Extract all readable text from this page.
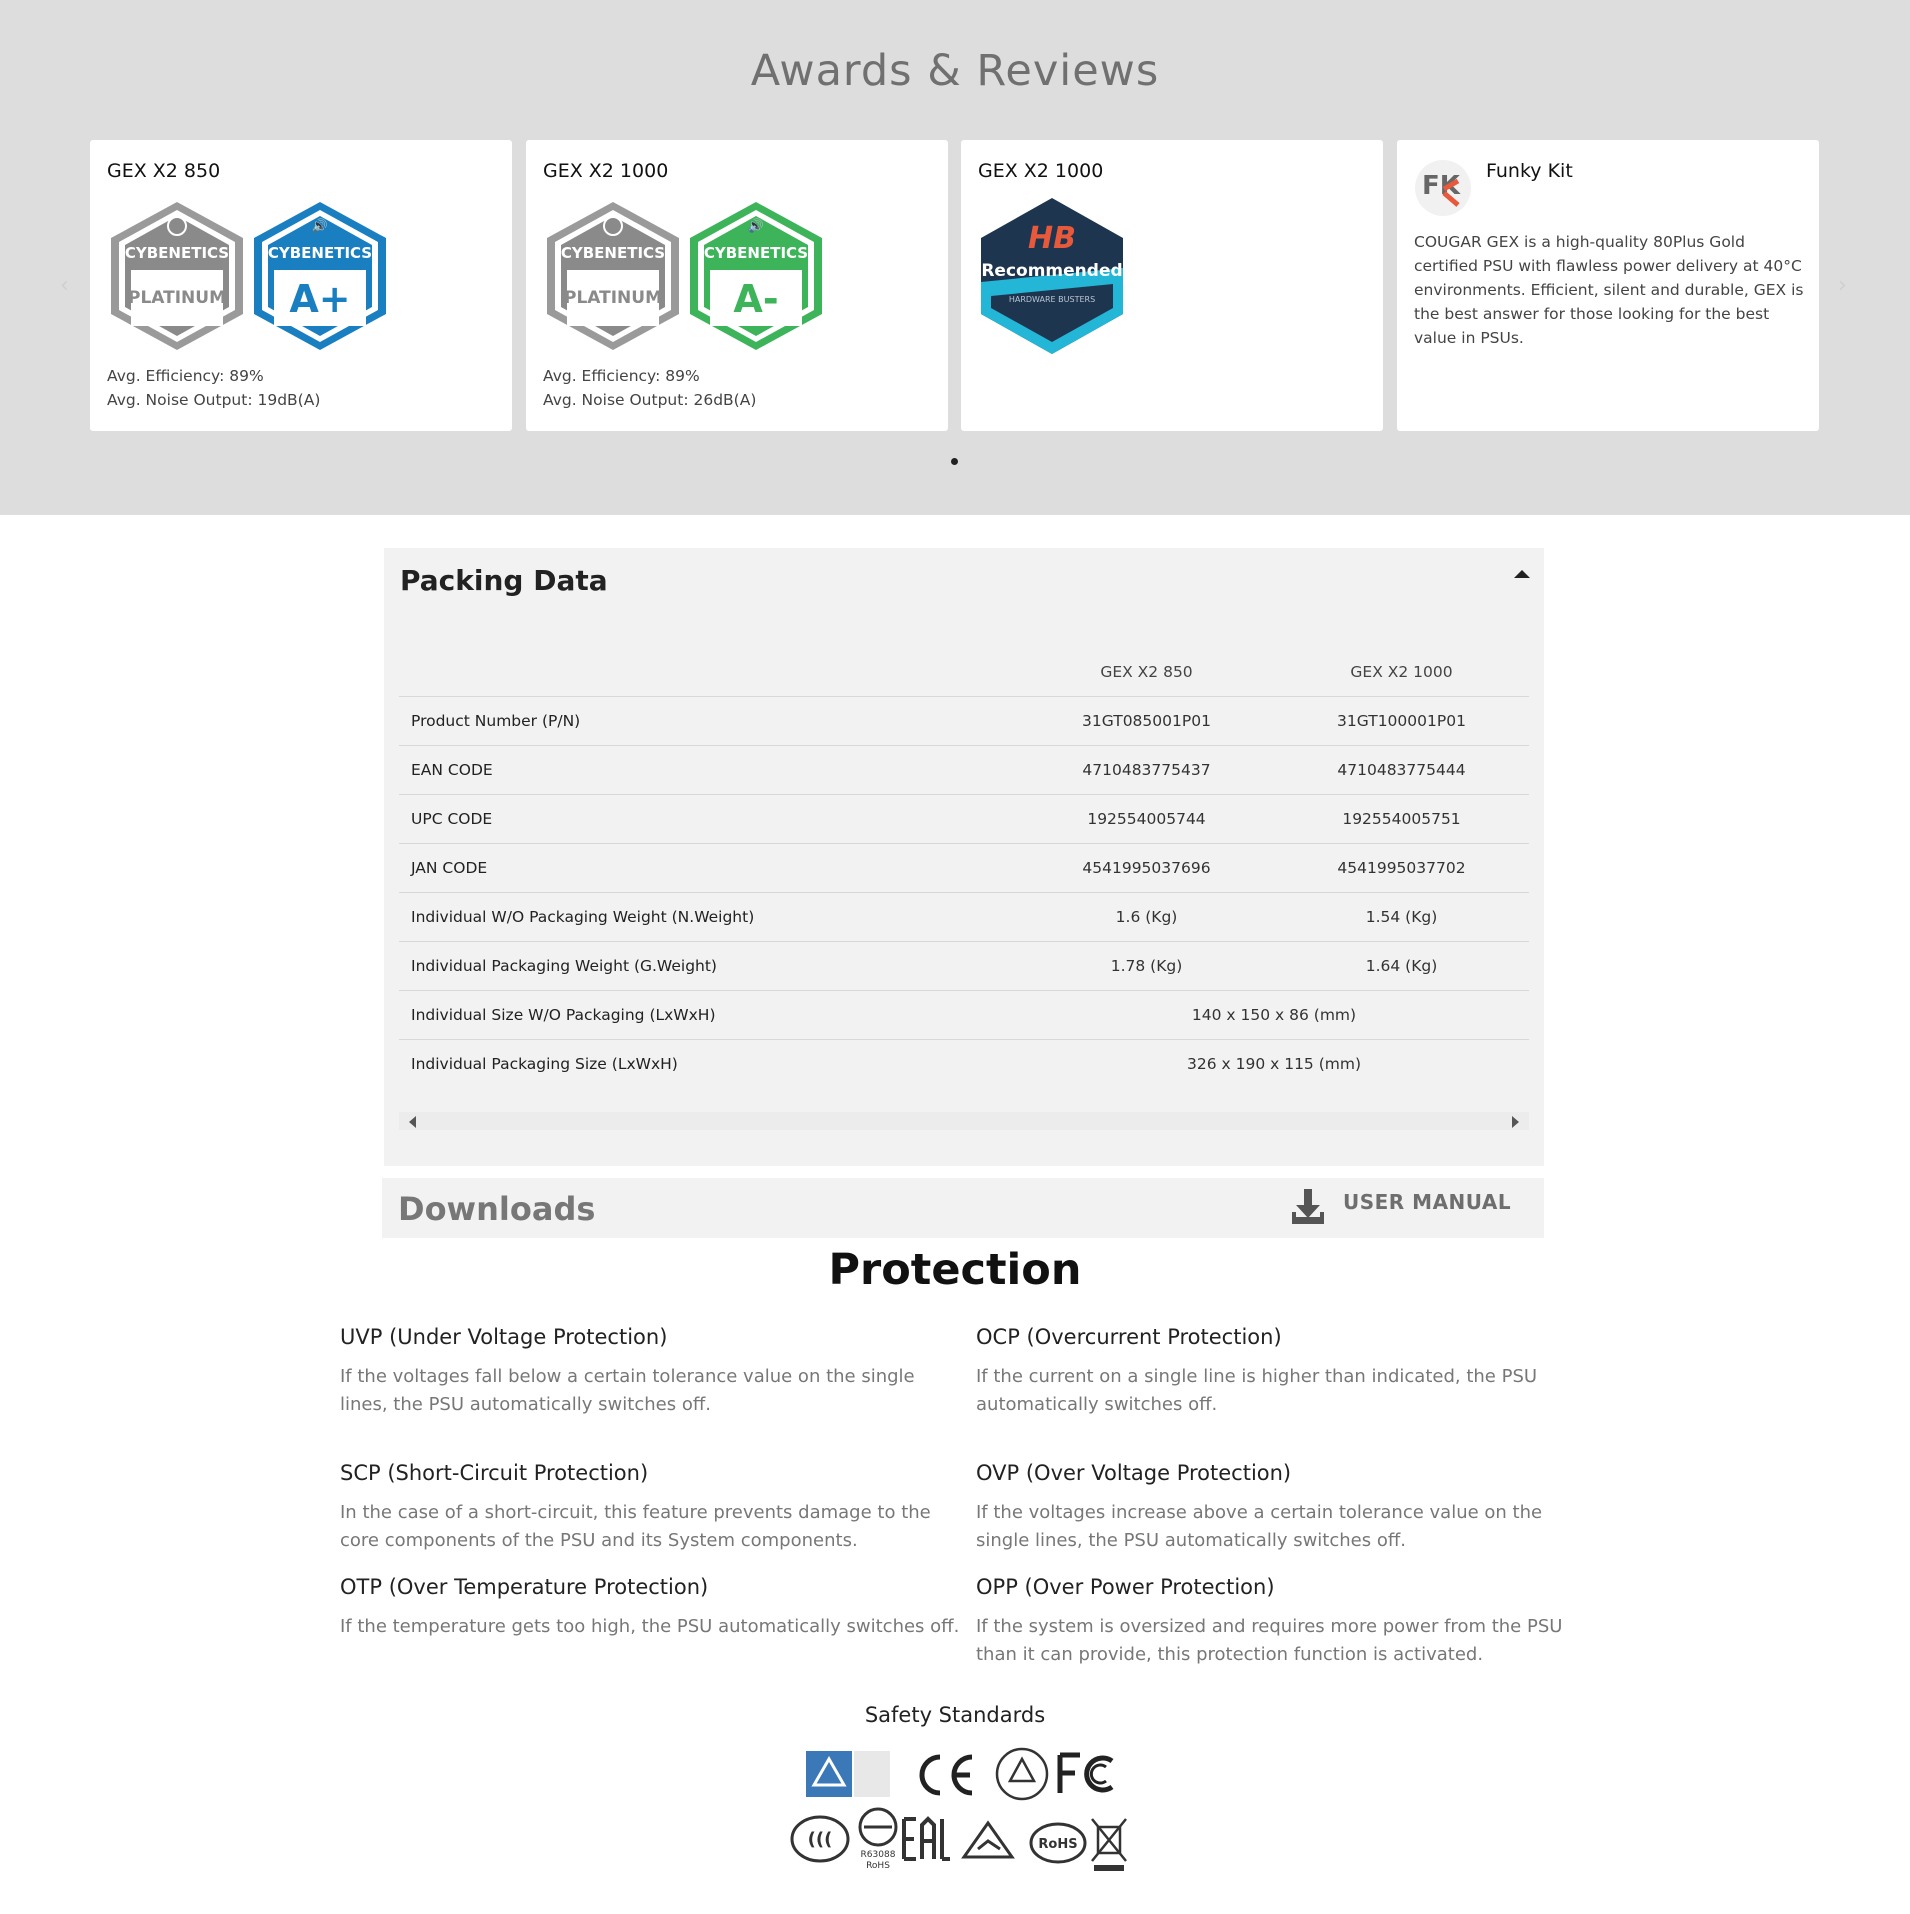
Awards & Reviews
‹	›
GEX X2 850
CYBENETICS
PLATINUM
🔊
CYBENETICS
A+
Avg. Efficiency: 89%
Avg. Noise Output: 19dB(A)
GEX X2 1000
CYBENETICS
PLATINUM
🔊
CYBENETICS
A-
Avg. Efficiency: 89%
Avg. Noise Output: 26dB(A)
GEX X2 1000
HB
Recommended
HARDWARE BUSTERS
FK Funky Kit
COUGAR GEX is a high-quality 80Plus Gold certified PSU with flawless power delivery at 40°C environments. Efficient, silent and durable, GEX is the best answer for those looking for the best value in PSUs.
Packing Data
	GEX X2 850	GEX X2 1000
Product Number (P/N)	31GT085001P01	31GT100001P01
EAN CODE	4710483775437	4710483775444
UPC CODE	192554005744	192554005751
JAN CODE	4541995037696	4541995037702
Individual W/O Packaging Weight (N.Weight)	1.6 (Kg)	1.54 (Kg)
Individual Packaging Weight (G.Weight)	1.78 (Kg)	1.64 (Kg)
Individual Size W/O Packaging (LxWxH)	140 x 150 x 86 (mm)	
Individual Packaging Size (LxWxH)	326 x 190 x 115 (mm)	
Downloads	USER MANUAL
Protection
UVP (Under Voltage Protection)
If the voltages fall below a certain tolerance value on the single lines, the PSU automatically switches off.
OCP (Overcurrent Protection)
If the current on a single line is higher than indicated, the PSU automatically switches off.
SCP (Short-Circuit Protection)
In the case of a short-circuit, this feature prevents damage to the core components of the PSU and its System components.
OVP (Over Voltage Protection)
If the voltages increase above a certain tolerance value on the single lines, the PSU automatically switches off.
OTP (Over Temperature Protection)
If the temperature gets too high, the PSU automatically switches off.
OPP (Over Power Protection)
If the system is oversized and requires more power from the PSU than it can provide, this protection function is activated.
Safety Standards
(((
R63088
RoHS
RoHS
